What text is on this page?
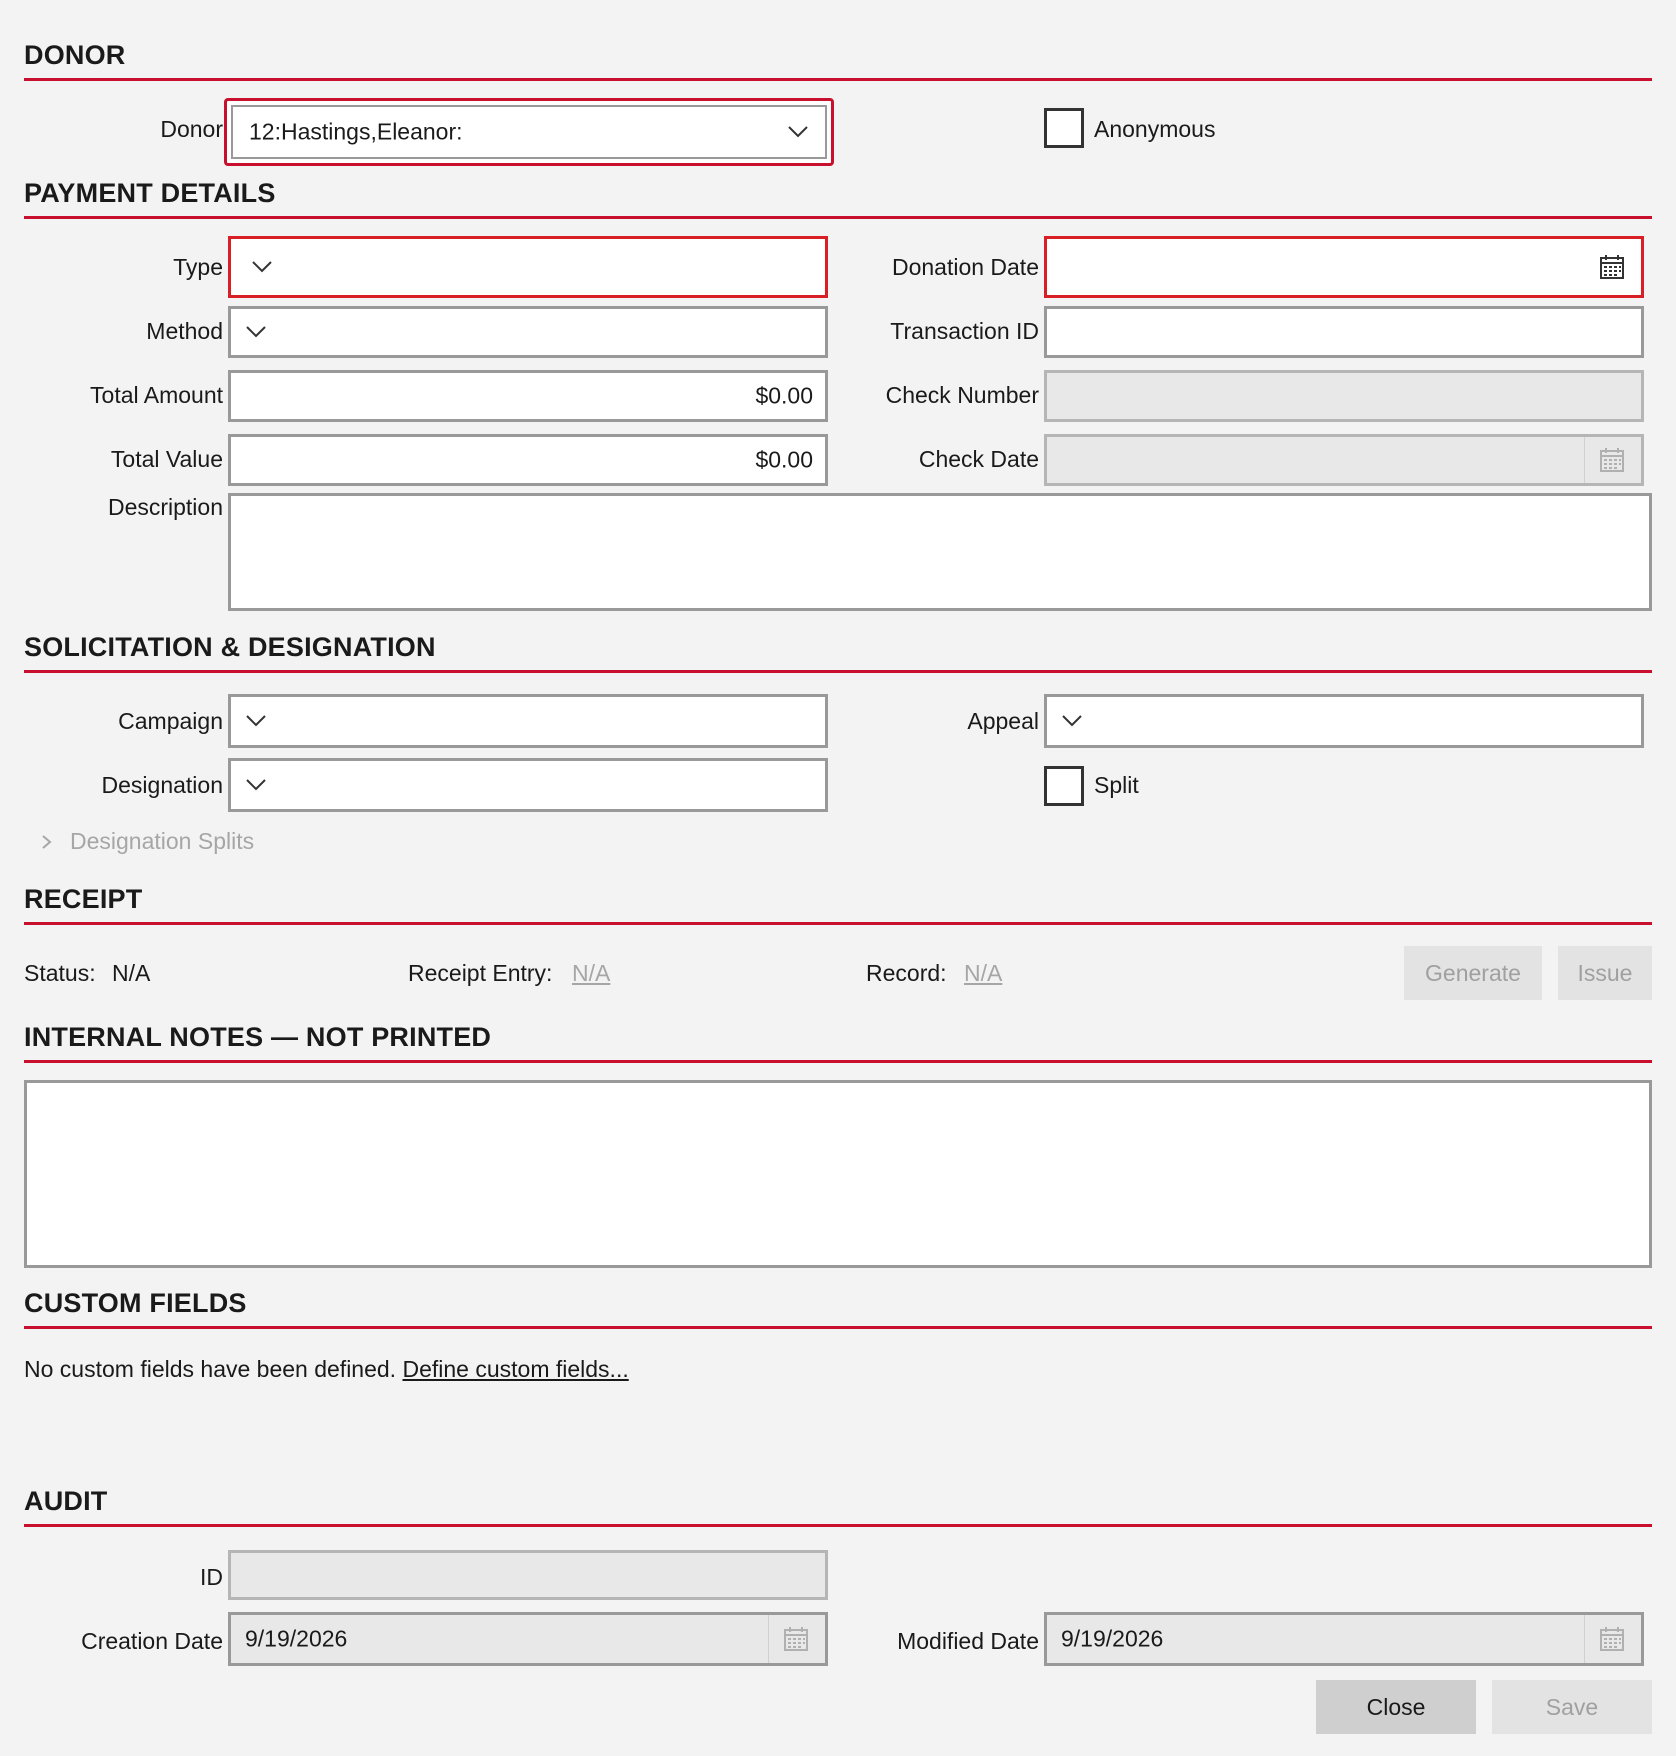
DONOR
Donor 12:Hastings,Eleanor:	Anonymous
PAYMENT DETAILS
Type	Donation Date
Method	Transaction ID
Total Amount	$0.00	Check Number
Total Value	$0.00	Check Date
Description
SOLICITATION & DESIGNATION
Campaign	Appeal
Designation	Split
Designation Splits
RECEIPT
Status: N/A	Receipt Entry: N/A	Record: N/A	Generate	Issue
INTERNAL NOTES — NOT PRINTED
CUSTOM FIELDS
No custom fields have been defined. Define custom fields...
AUDIT
ID
Creation Date 9/19/2026	Modified Date 9/19/2026
Close	Save
